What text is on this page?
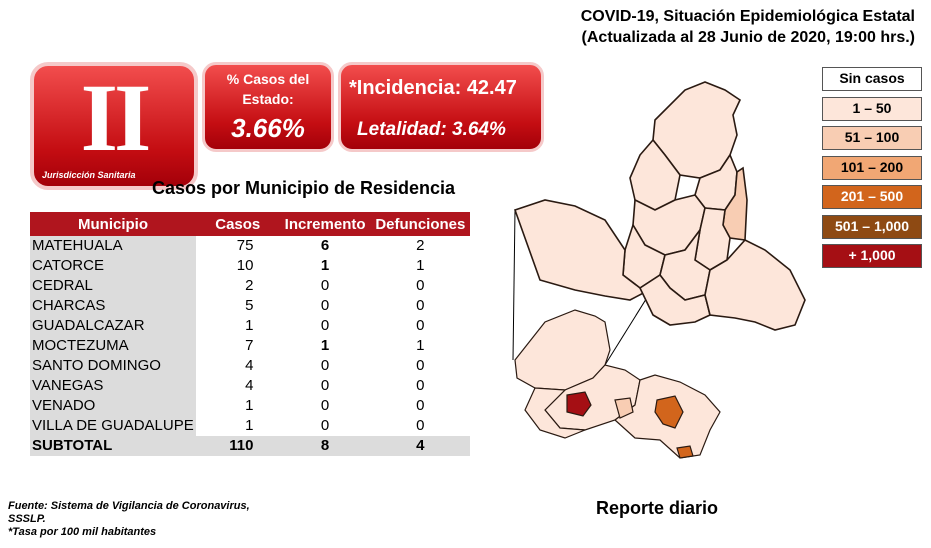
COVID-19, Situación Epidemiológica Estatal
(Actualizada al 28 Junio de 2020, 19:00 hrs.)
II
Jurisdicción Sanitaria
% Casos del Estado:
3.66%
*Incidencia: 42.47
Letalidad: 3.64%
Casos por Municipio de Residencia
Municipio	Casos	Incremento	Defunciones
MATEHUALA	75	6	2
CATORCE	10	1	1
CEDRAL	2	0	0
CHARCAS	5	0	0
GUADALCAZAR	1	0	0
MOCTEZUMA	7	1	1
SANTO DOMINGO	4	0	0
VANEGAS	4	0	0
VENADO	1	0	0
VILLA DE GUADALUPE	1	0	0
SUBTOTAL	110	8	4
Sin casos
1 – 50
51 – 100
101 – 200
201 – 500
501 – 1,000
+ 1,000
Fuente: Sistema de Vigilancia de Coronavirus,
SSSLP.
*Tasa por 100 mil habitantes
Reporte diario
